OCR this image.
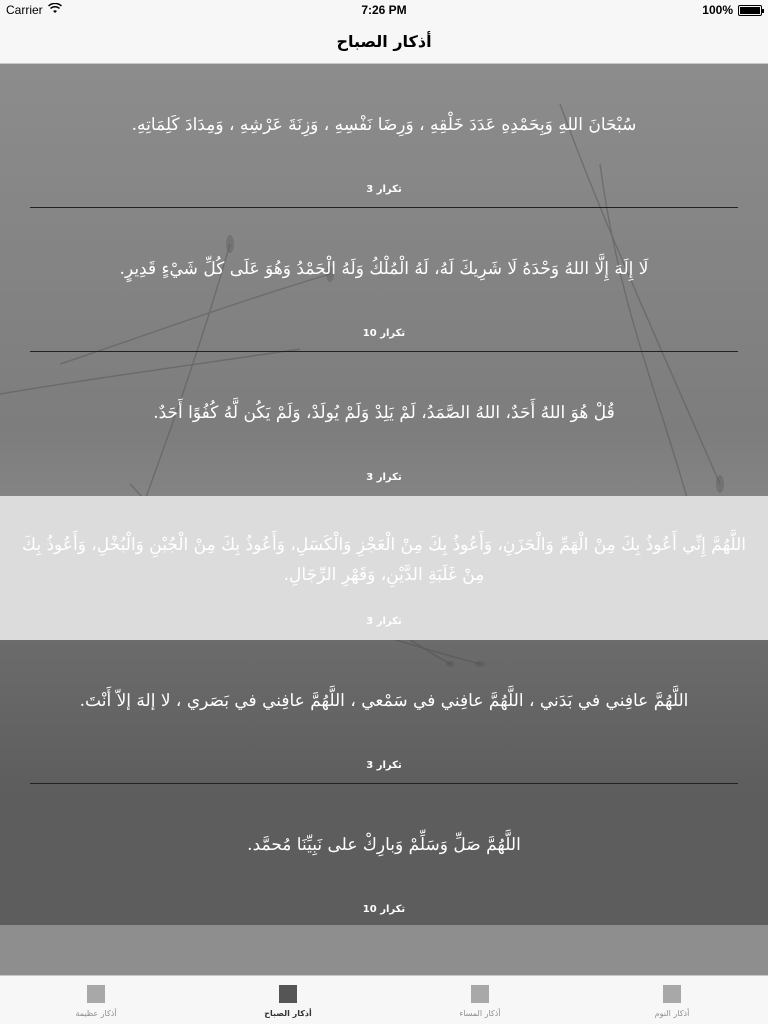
Carrier	7:26 PM	100%
أذكار الصباح
سُبْحَانَ اللهِ وَبِحَمْدِهِ عَدَدَ خَلْقِهِ ، وَرِضَا نَفْسِهِ ، وَزِنَةَ عَرْشِهِ ، وَمِدَادَ كَلِمَاتِهِ.
تكرار 3
لَا إِلَهَ إِلَّا اللهُ وَحْدَهُ لَا شَرِيكَ لَهُ، لَهُ الْمُلْكُ وَلَهُ الْحَمْدُ وَهُوَ عَلَى كُلِّ شَيْءٍ قَدِيرٍ.
تكرار 10
قُلْ هُوَ اللهُ أَحَدٌ، اللهُ الصَّمَدُ، لَمْ يَلِدْ وَلَمْ يُولَدْ، وَلَمْ يَكُن لَّهُ كُفُوًا أَحَدٌ.
تكرار 3
اللَّهُمَّ إِنِّي أَعُوذُ بِكَ مِنْ الْهَمِّ وَالْحَزَنِ، وَأَعُوذُ بِكَ مِنْ الْعَجْزِ وَالْكَسَلِ، وَأَعُوذُ بِكَ مِنْ الْجُبْنِ وَالْبُخْلِ، وَأَعُوذُ بِكَ مِنْ غَلَبَةِ الدَّيْنِ، وَقَهْرِ الرِّجَالِ.
تكرار 3
اللَّهُمَّ عافِني في بَدَني ، اللَّهُمَّ عافِني في سَمْعي ، اللَّهُمَّ عافِني في بَصَري ، لا إلهَ إلاّ أَنْتَ.
تكرار 3
اللَّهُمَّ صَلِّ وَسَلِّمْ وَبارِكْ على نَبِيِّنَا مُحمَّد.
تكرار 10
أذكار عظيمة	أذكار الصباح	أذكار المساء	أذكار النوم
